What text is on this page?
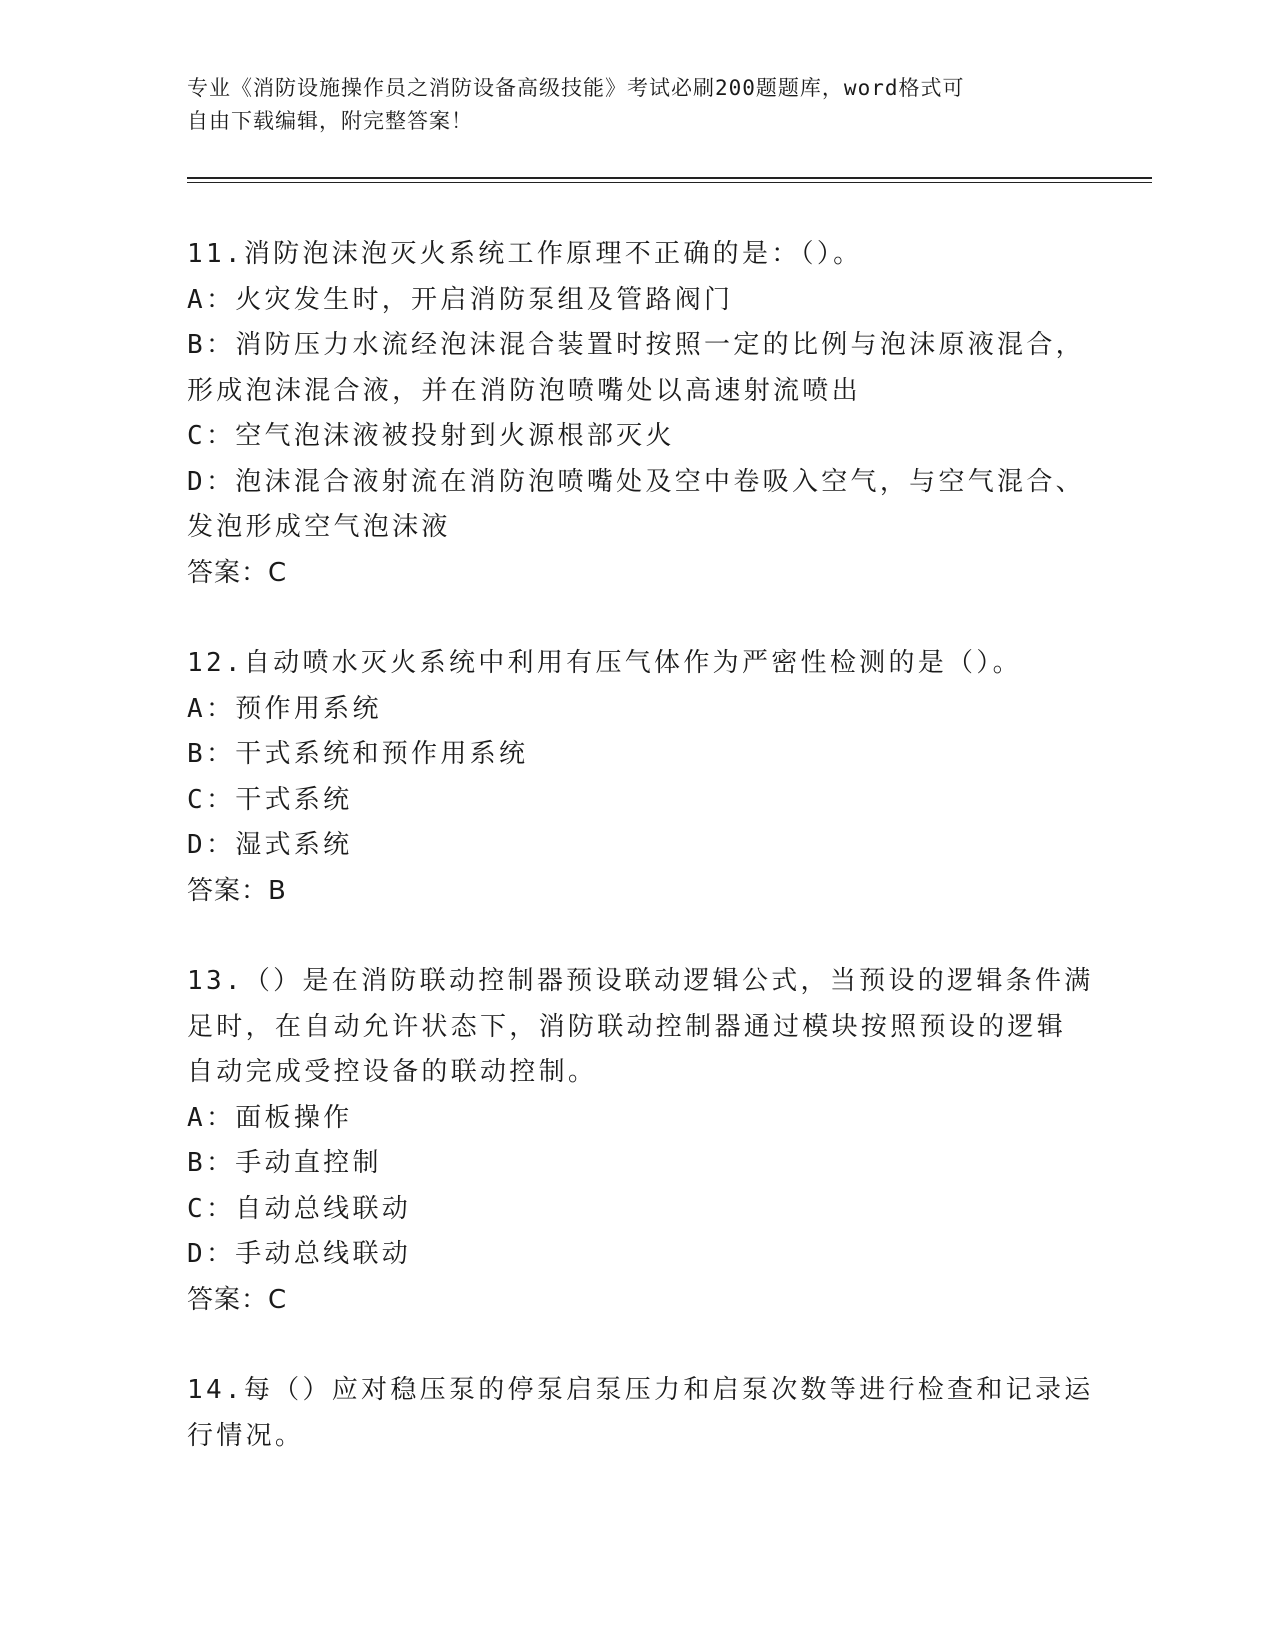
专业《消防设施操作员之消防设备高级技能》考试必刷200题题库，word格式可
自由下载编辑，附完整答案！
11.消防泡沫泡灭火系统工作原理不正确的是：（）。
A：火灾发生时，开启消防泵组及管路阀门
B：消防压力水流经泡沫混合装置时按照一定的比例与泡沫原液混合，
形成泡沫混合液，并在消防泡喷嘴处以高速射流喷出
C：空气泡沫液被投射到火源根部灭火
D：泡沫混合液射流在消防泡喷嘴处及空中卷吸入空气，与空气混合、
发泡形成空气泡沫液
答案：C
12.自动喷水灭火系统中利用有压气体作为严密性检测的是（）。
A：预作用系统
B：干式系统和预作用系统
C：干式系统
D：湿式系统
答案：B
13.（）是在消防联动控制器预设联动逻辑公式，当预设的逻辑条件满
足时，在自动允许状态下，消防联动控制器通过模块按照预设的逻辑
自动完成受控设备的联动控制。
A：面板操作
B：手动直控制
C：自动总线联动
D：手动总线联动
答案：C
14.每（）应对稳压泵的停泵启泵压力和启泵次数等进行检查和记录运
行情况。
